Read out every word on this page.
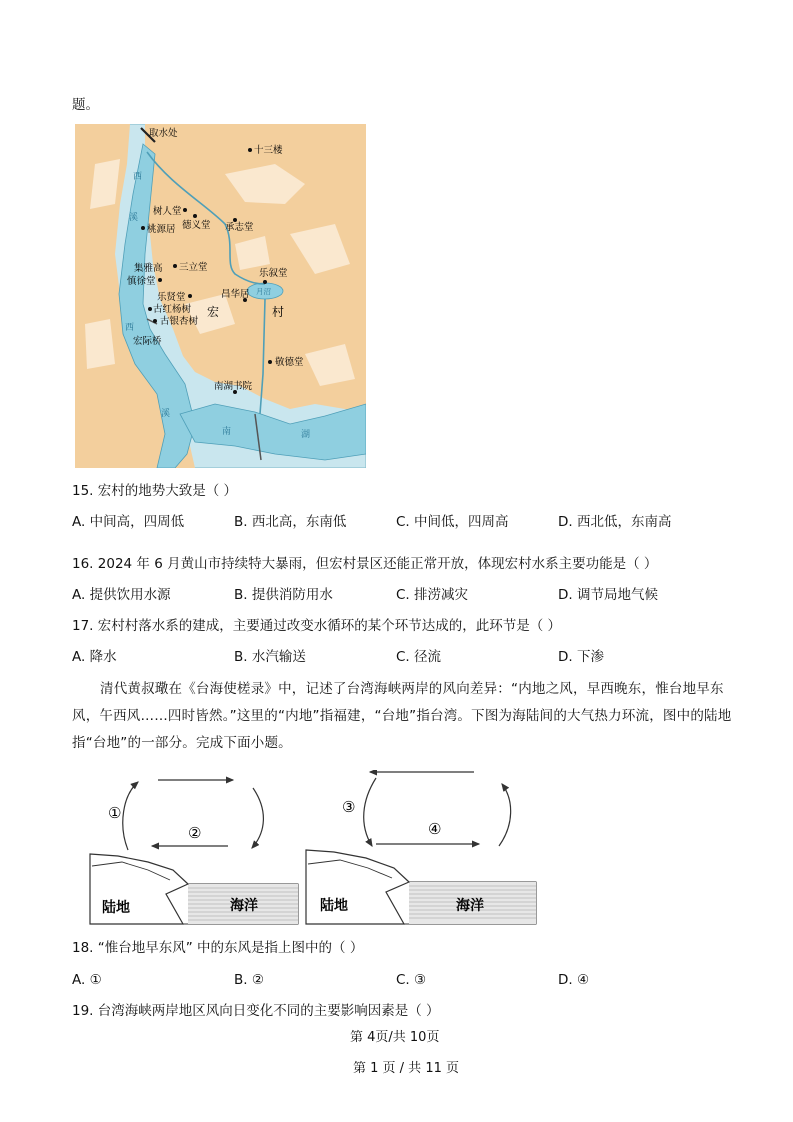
题。
取水处
十三楼
西
溪
树人堂
德义堂 承志堂
桃源居
集雅高 三立堂
慎徐堂
乐叙堂
月沼
昌华居
乐贤堂
古红杨树
古银杏树
宏	村
西
宏际桥
敬德堂
南湖书院
溪
南	湖
15. 宏村的地势大致是（ ）
A. 中间高，四周低	B. 西北高，东南低	C. 中间低，四周高	D. 西北低，东南高
16. 2024 年 6 月黄山市持续特大暴雨，但宏村景区还能正常开放，体现宏村水系主要功能是（ ）
A. 提供饮用水源	B. 提供消防用水	C. 排涝减灾	D. 调节局地气候
17. 宏村村落水系的建成，主要通过改变水循环的某个环节达成的，此环节是（ ）
A. 降水	B. 水汽输送	C. 径流	D. 下渗
清代黄叔璥在《台海使槎录》中，记述了台湾海峡两岸的风向差异：“内地之风，早西晚东，惟台地早东风，午西风……四时皆然。”这里的“内地”指福建，“台地”指台湾。下图为海陆间的大气热力环流，图中的陆地指“台地”的一部分。完成下面小题。
①
②
陆地	海洋
③
④
陆地	海洋
18. “惟台地早东风” 中的东风是指上图中的（ ）
A. ①	B. ②	C. ③	D. ④
19. 台湾海峡两岸地区风向日变化不同的主要影响因素是（ ）
第 4页/共 10页
第 1 页 / 共 11 页
